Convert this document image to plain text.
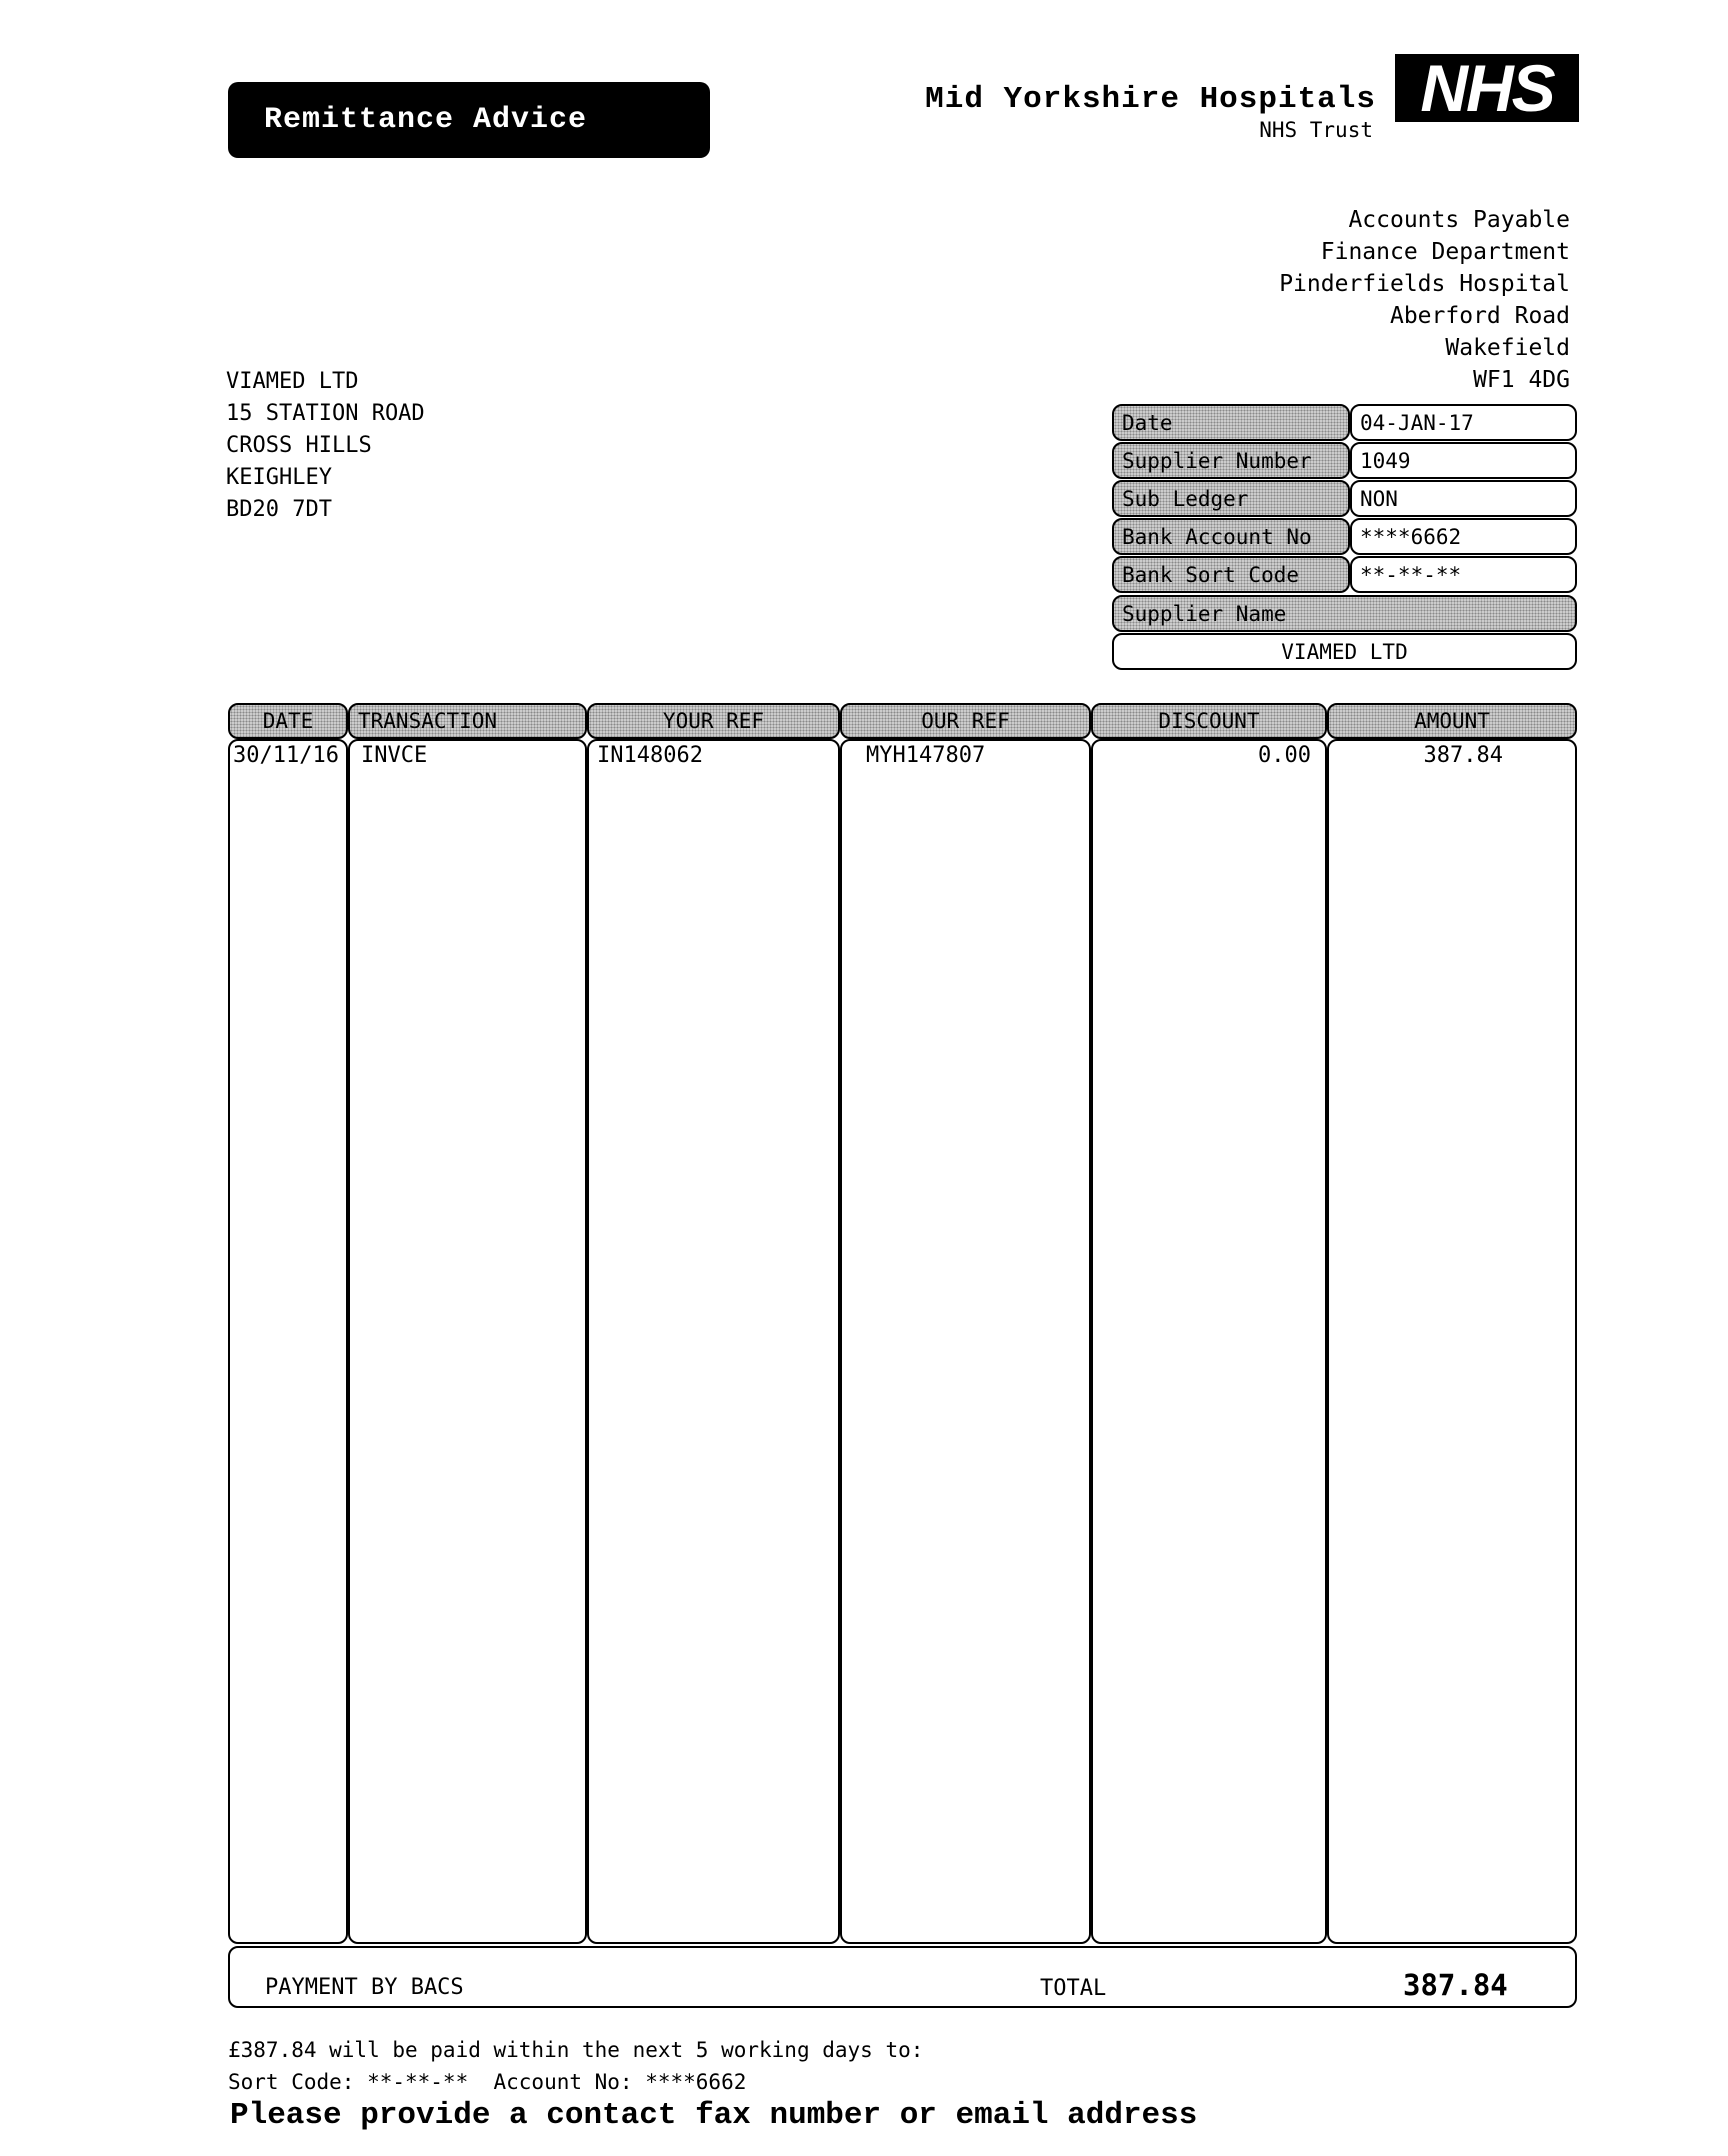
Remittance Advice
Mid Yorkshire Hospitals
NHS Trust
NHS
Accounts Payable
Finance Department
Pinderfields Hospital
Aberford Road
Wakefield
WF1 4DG
VIAMED LTD
15 STATION ROAD
CROSS HILLS
KEIGHLEY
BD20 7DT
Date	04-JAN-17
Supplier Number	1049
Sub Ledger	NON
Bank Account No	****6662
Bank Sort Code	**-**-**
Supplier Name
VIAMED LTD
DATE	TRANSACTION	YOUR REF	OUR REF	DISCOUNT	AMOUNT
30/11/16 INVCE	IN148062	MYH147807	0.00	387.84
PAYMENT BY BACS	TOTAL	387.84
£387.84 will be paid within the next 5 working days to:
Sort Code: **-**-**  Account No: ****6662
Please provide a contact fax number or email address
